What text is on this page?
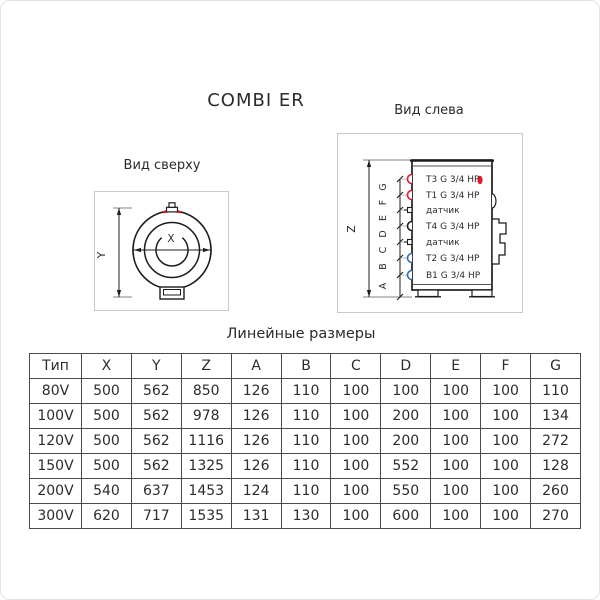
COMBI ER	Вид слева
Вид сверху
Y
X
Z
G
F
E
D
C
B
A
T3 G 3/4 HP
T1 G 3/4 HP
датчик
T4 G 3/4 HP
датчик
T2 G 3/4 HP
B1 G 3/4 HP
Линейные размеры
Тип	X	Y	Z	A	B	C	D	E	F	G
80V	500	562	850	126	110	100	100	100	100	110
100V	500	562	978	126	110	100	200	100	100	134
120V	500	562	1116	126	110	100	200	100	100	272
150V	500	562	1325	126	110	100	552	100	100	128
200V	540	637	1453	124	110	100	550	100	100	260
300V	620	717	1535	131	130	100	600	100	100	270
